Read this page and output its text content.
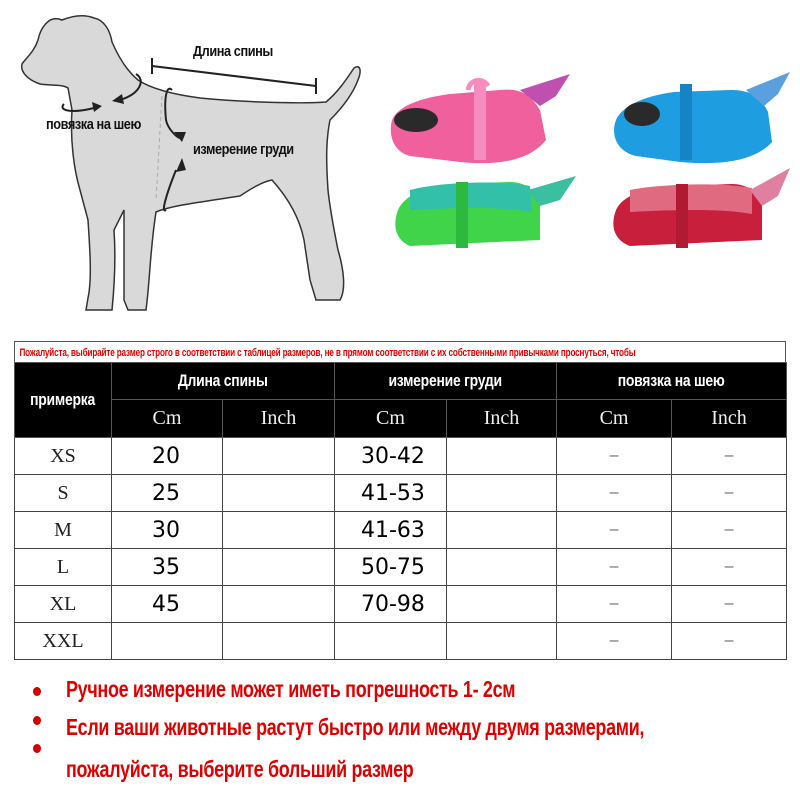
Длина спины
повязка на шею
измерение груди
Пожалуйста, выбирайте размер строго в соответствии с таблицей размеров, не в прямом соответствии с их собственными привычками проснуться, чтобы
примерка	Длина спины		измерение груди		повязка на шею	
	Cm	Inch	Cm	Inch	Cm	Inch
XS	20		30-42		–	–
S	25		41-53		–	–
M	30		41-63		–	–
L	35		50-75		–	–
XL	45		70-98		–	–
XXL					–	–
Ручное измерение может иметь погрешность 1- 2см
Если ваши животные растут быстро или между двумя размерами,
пожалуйста, выберите больший размер
